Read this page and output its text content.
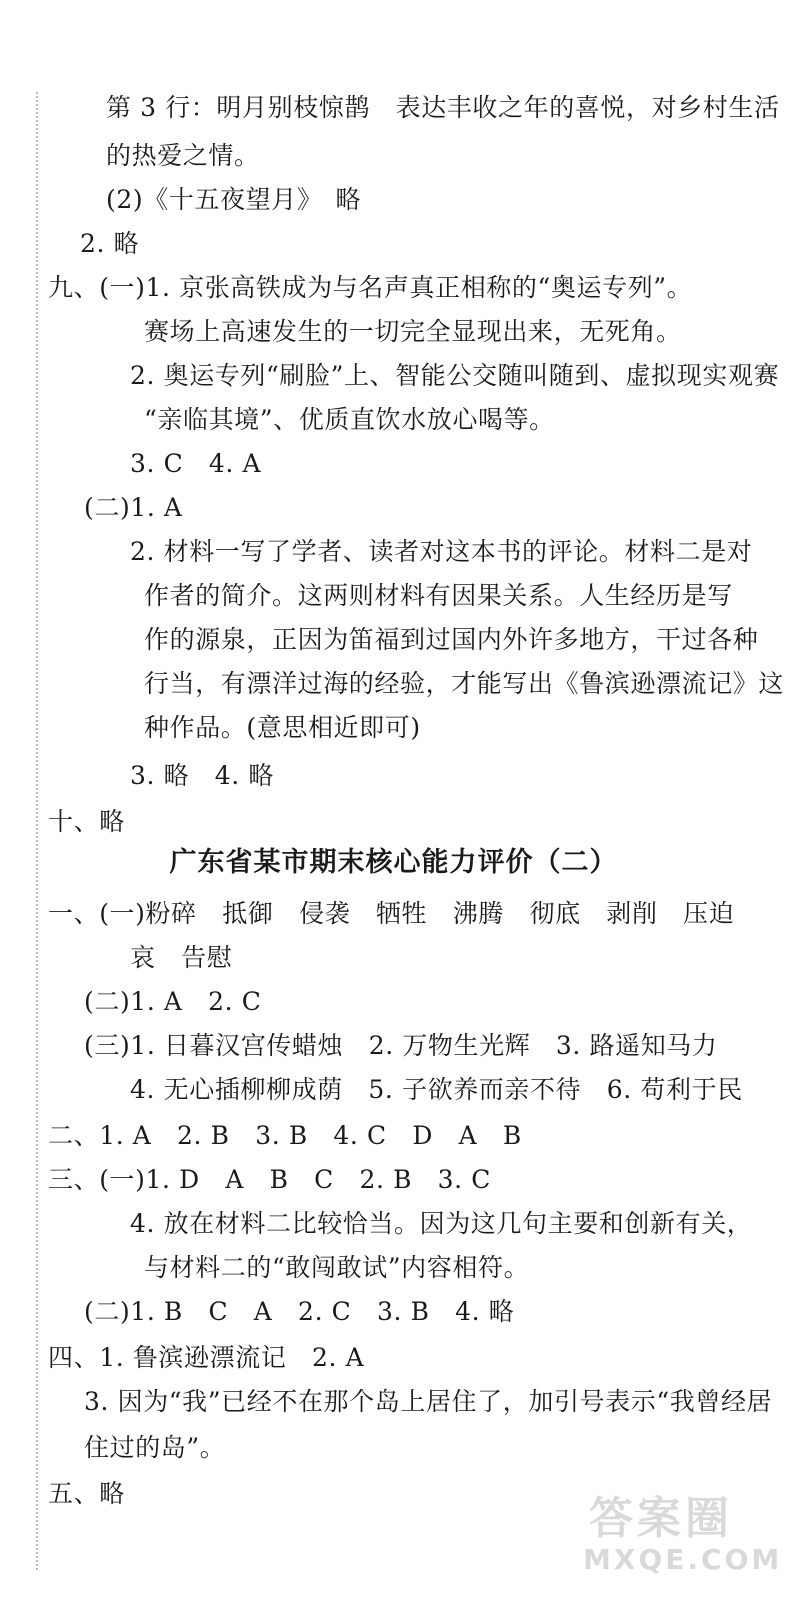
第 3 行：明月别枝惊鹊　表达丰收之年的喜悦，对乡村生活
的热爱之情。
(2)《十五夜望月》　略
2. 略
九、(一)1. 京张高铁成为与名声真正相称的“奥运专列”。
赛场上高速发生的一切完全显现出来，无死角。
2. 奥运专列“刷脸”上、智能公交随叫随到、虚拟现实观赛
“亲临其境”、优质直饮水放心喝等。
3. C　4. A
(二)1. A
2. 材料一写了学者、读者对这本书的评论。材料二是对
作者的简介。这两则材料有因果关系。人生经历是写
作的源泉，正因为笛福到过国内外许多地方，干过各种
行当，有漂洋过海的经验，才能写出《鲁滨逊漂流记》这
种作品。(意思相近即可)
3. 略　4. 略
十、略
广东省某市期末核心能力评价（二）
一、(一)粉碎　抵御　侵袭　牺牲　沸腾　彻底　剥削　压迫
哀　告慰
(二)1. A　2. C
(三)1. 日暮汉宫传蜡烛　2. 万物生光辉　3. 路遥知马力
4. 无心插柳柳成荫　5. 子欲养而亲不待　6. 苟利于民
二、1. A　2. B　3. B　4. C　D　A　B
三、(一)1. D　A　B　C　2. B　3. C
4. 放在材料二比较恰当。因为这几句主要和创新有关，
与材料二的“敢闯敢试”内容相符。
(二)1. B　C　A　2. C　3. B　4. 略
四、1. 鲁滨逊漂流记　2. A
3. 因为“我”已经不在那个岛上居住了，加引号表示“我曾经居
住过的岛”。
五、略	答案圈
MXQE.COM
